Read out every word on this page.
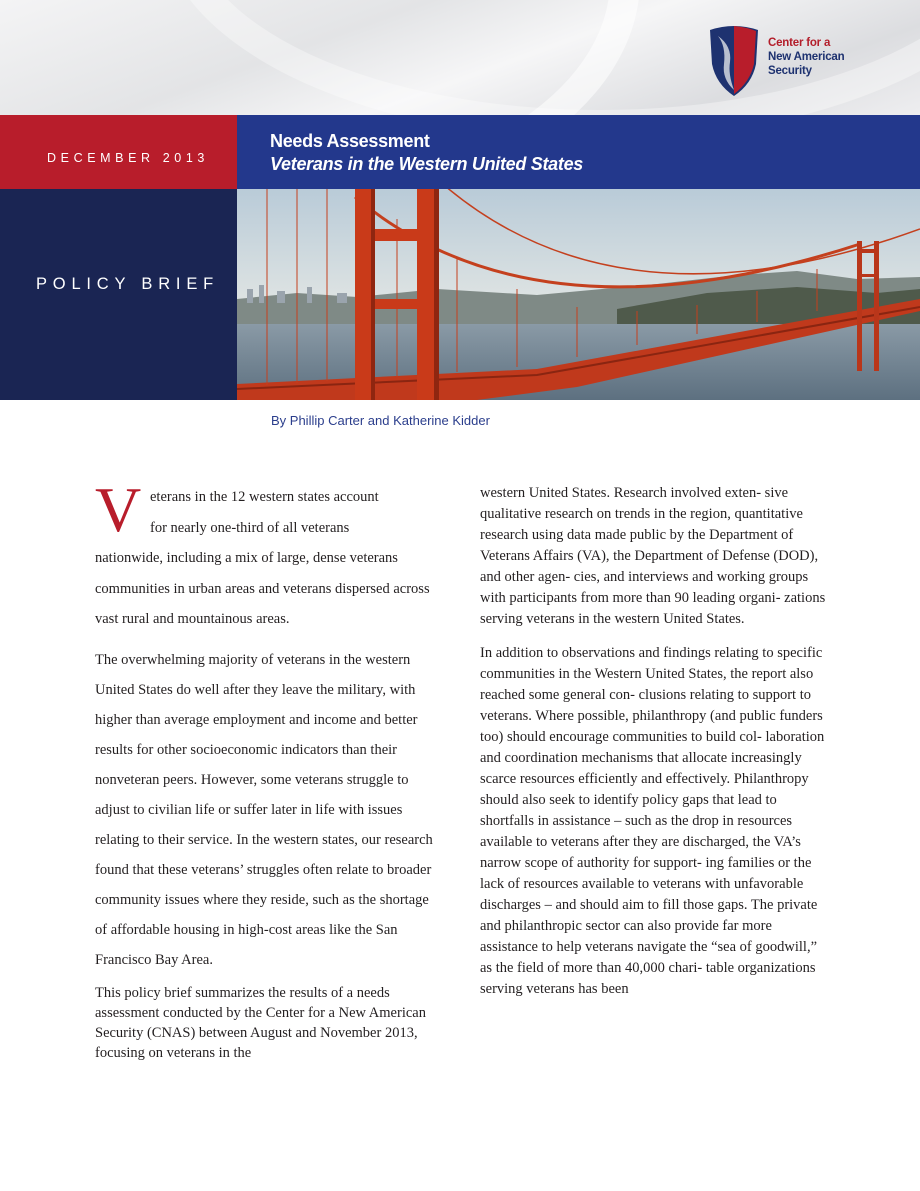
Center for a
New American
Security
DECEMBER 2013
Needs Assessment
Veterans in the Western United States
POLICY BRIEF
By Phillip Carter and Katherine Kidder
V eterans in the 12 western states account
for nearly one-third of all veterans

nationwide, including a mix of large, dense veterans communities in urban areas and veterans dispersed across vast rural and mountainous areas.

The overwhelming majority of veterans in the western United States do well after they leave the military, with higher than average employment and income and better results for other socioeconomic indicators than their nonveteran peers. However, some veterans struggle to adjust to civilian life or suffer later in life with issues relating to their service. In the western states, our research found that these veterans’ struggles often relate to broader community issues where they reside, such as the shortage of affordable housing in high-cost areas like the San Francisco Bay Area.

This policy brief summarizes the results of a needs assessment conducted by the Center for a New American Security (CNAS) between August and November 2013, focusing on veterans in the

western United States. Research involved exten- sive qualitative research on trends in the region, quantitative research using data made public by the Department of Veterans Affairs (VA), the Department of Defense (DOD), and other agen- cies, and interviews and working groups with participants from more than 90 leading organi- zations serving veterans in the western United States.

In addition to observations and findings relating to specific communities in the Western United States, the report also reached some general con- clusions relating to support to veterans. Where possible, philanthropy (and public funders too) should encourage communities to build col- laboration and coordination mechanisms that allocate increasingly scarce resources efficiently and effectively. Philanthropy should also seek to identify policy gaps that lead to shortfalls in assistance – such as the drop in resources available to veterans after they are discharged, the VA’s narrow scope of authority for support- ing families or the lack of resources available to veterans with unfavorable discharges – and should aim to fill those gaps. The private and philanthropic sector can also provide far more assistance to help veterans navigate the “sea of goodwill,” as the field of more than 40,000 chari- table organizations serving veterans has been
